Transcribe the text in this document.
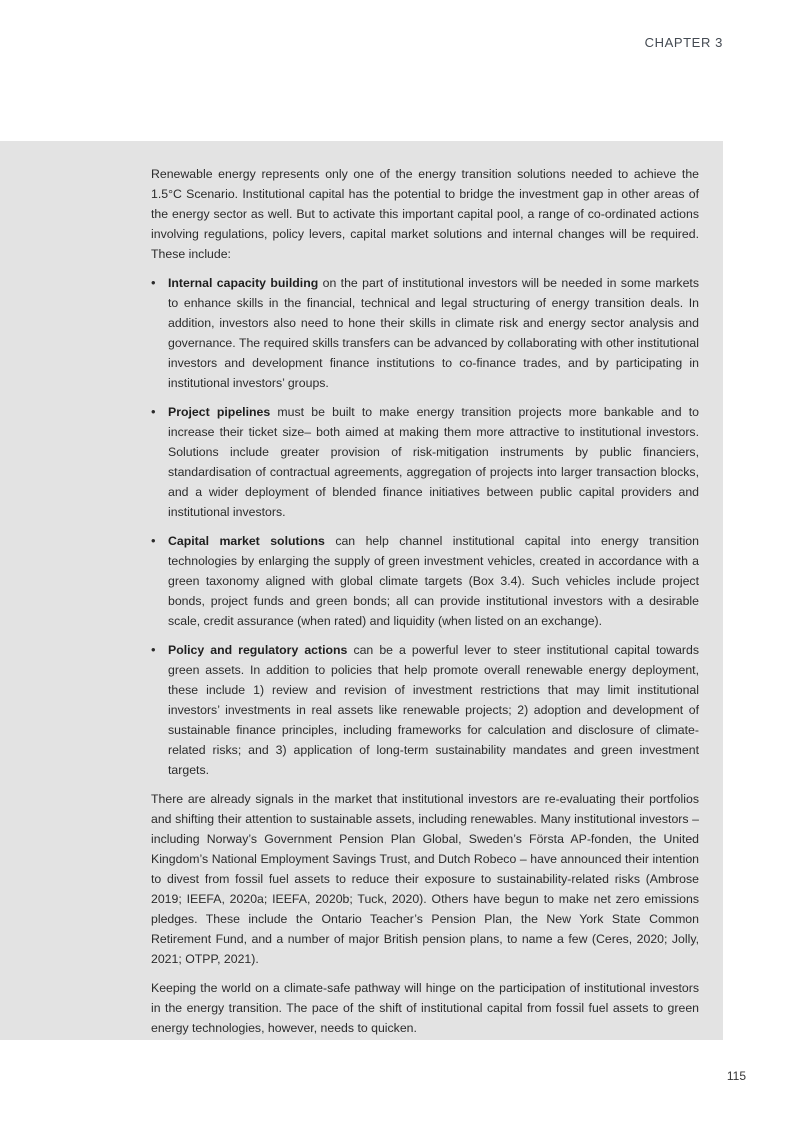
CHAPTER 3

Renewable energy represents only one of the energy transition solutions needed to achieve the 1.5°C Scenario. Institutional capital has the potential to bridge the investment gap in other areas of the energy sector as well. But to activate this important capital pool, a range of co-ordinated actions involving regulations, policy levers, capital market solutions and internal changes will be required. These include:

• Internal capacity building on the part of institutional investors will be needed in some markets to enhance skills in the financial, technical and legal structuring of energy transition deals. In addition, investors also need to hone their skills in climate risk and energy sector analysis and governance. The required skills transfers can be advanced by collaborating with other institutional investors and development finance institutions to co-finance trades, and by participating in institutional investors’ groups.
• Project pipelines must be built to make energy transition projects more bankable and to increase their ticket size– both aimed at making them more attractive to institutional investors. Solutions include greater provision of risk-mitigation instruments by public financiers, standardisation of contractual agreements, aggregation of projects into larger transaction blocks, and a wider deployment of blended finance initiatives between public capital providers and institutional investors.
• Capital market solutions can help channel institutional capital into energy transition technologies by enlarging the supply of green investment vehicles, created in accordance with a green taxonomy aligned with global climate targets (Box 3.4). Such vehicles include project bonds, project funds and green bonds; all can provide institutional investors with a desirable scale, credit assurance (when rated) and liquidity (when listed on an exchange).
• Policy and regulatory actions can be a powerful lever to steer institutional capital towards green assets. In addition to policies that help promote overall renewable energy deployment, these include 1) review and revision of investment restrictions that may limit institutional investors’ investments in real assets like renewable projects; 2) adoption and development of sustainable finance principles, including frameworks for calculation and disclosure of climate-related risks; and 3) application of long-term sustainability mandates and green investment targets.

There are already signals in the market that institutional investors are re-evaluating their portfolios and shifting their attention to sustainable assets, including renewables. Many institutional investors – including Norway’s Government Pension Plan Global, Sweden’s Första AP-fonden, the United Kingdom’s National Employment Savings Trust, and Dutch Robeco – have announced their intention to divest from fossil fuel assets to reduce their exposure to sustainability-related risks (Ambrose 2019; IEEFA, 2020a; IEEFA, 2020b; Tuck, 2020). Others have begun to make net zero emissions pledges. These include the Ontario Teacher’s Pension Plan, the New York State Common Retirement Fund, and a number of major British pension plans, to name a few (Ceres, 2020; Jolly, 2021; OTPP, 2021).

Keeping the world on a climate-safe pathway will hinge on the participation of institutional investors in the energy transition. The pace of the shift of institutional capital from fossil fuel assets to green energy technologies, however, needs to quicken.

115
